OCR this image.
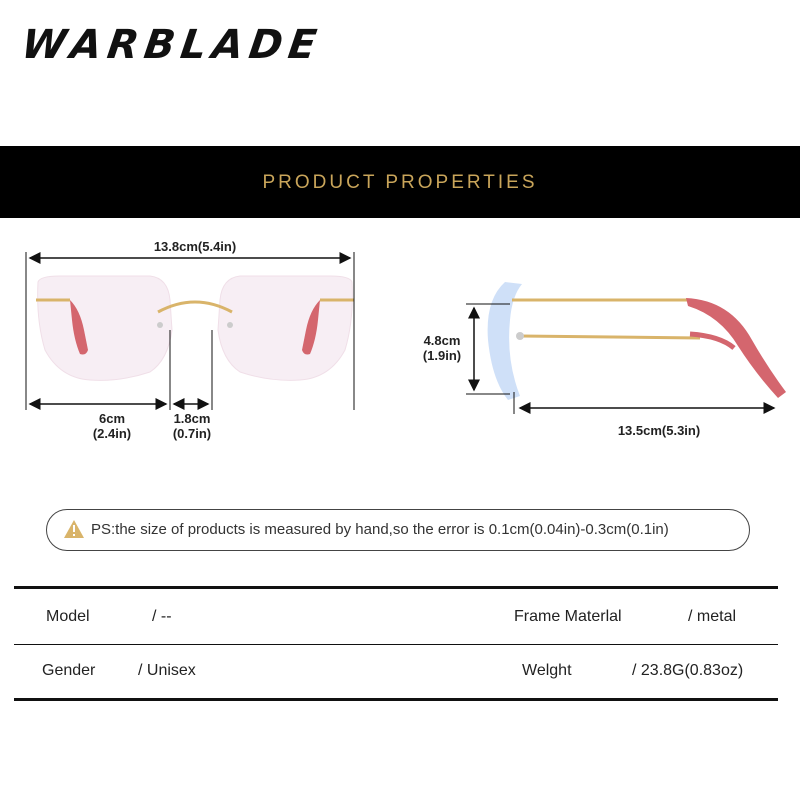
WARBLADE
PRODUCT PROPERTIES
13.8cm(5.4in)
6cm
(2.4in)
1.8cm
(0.7in)
4.8cm
(1.9in)
13.5cm(5.3in)
PS:the size of products is measured by hand,so the error is 0.1cm(0.04in)-0.3cm(0.1in)
Model	/ --	Frame Materlal	/ metal
Gender	/ Unisex	Welght	/ 23.8G(0.83oz)
